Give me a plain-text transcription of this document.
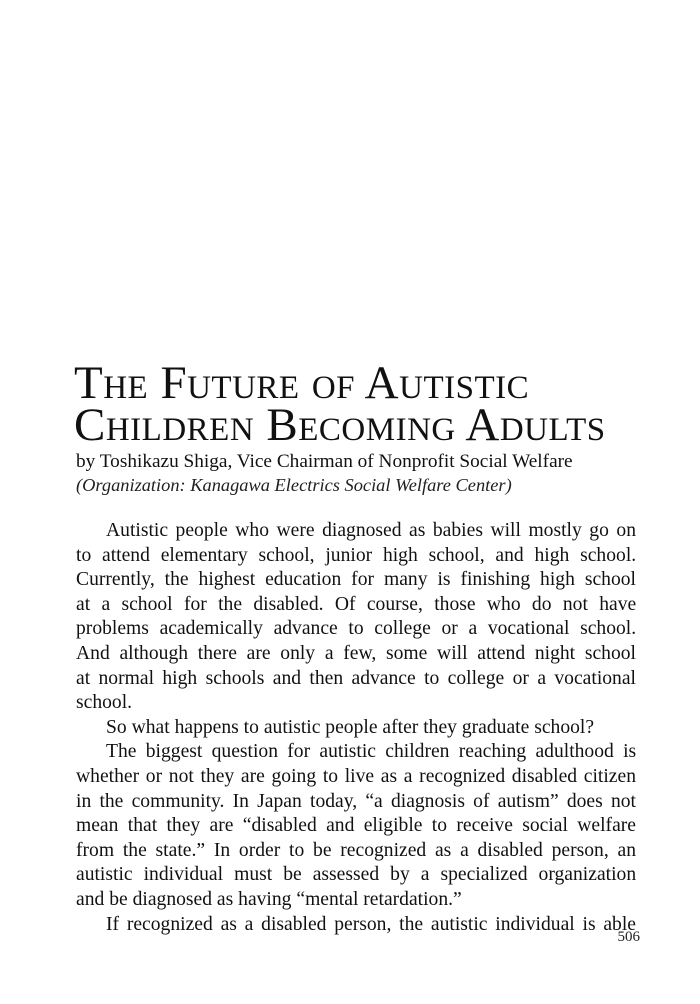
The Future of Autistic
Children Becoming Adults

by Toshikazu Shiga, Vice Chairman of Nonprofit Social Welfare

(Organization: Kanagawa Electrics Social Welfare Center)

Autistic people who were diagnosed as babies will mostly go on
to attend elementary school, junior high school, and high school.
Currently, the highest education for many is finishing high school
at a school for the disabled. Of course, those who do not have
problems academically advance to college or a vocational school.
And although there are only a few, some will attend night school
at normal high schools and then advance to college or a vocational
school.
So what happens to autistic people after they graduate school?
The biggest question for autistic children reaching adulthood is
whether or not they are going to live as a recognized disabled citizen
in the community. In Japan today, “a diagnosis of autism” does not
mean that they are “disabled and eligible to receive social welfare
from the state.” In order to be recognized as a disabled person, an
autistic individual must be assessed by a specialized organization
and be diagnosed as having “mental retardation.”
If recognized as a disabled person, the autistic individual is able
506
